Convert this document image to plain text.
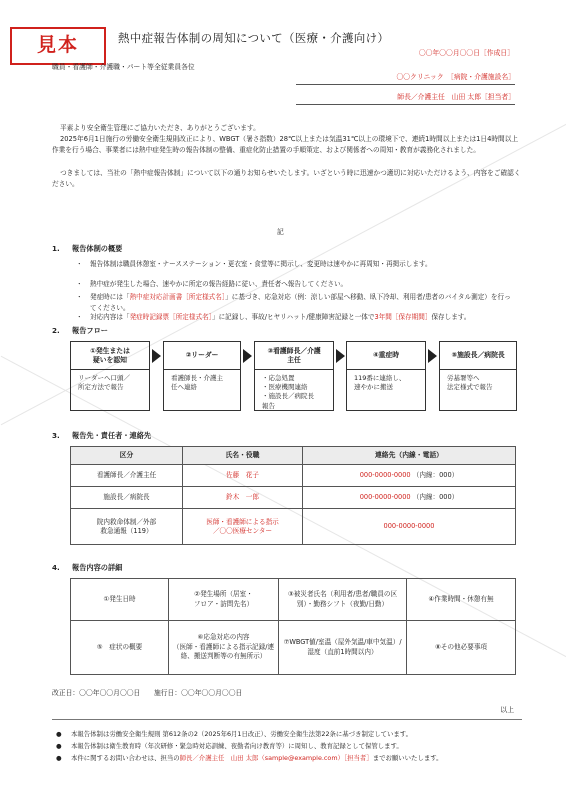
見本	熱中症報告体制の周知について（医療・介護向け）
〇〇年〇〇月〇〇日［作成日］
職員・看護師・介護職・パート等全従業員各位
〇〇クリニック　［病院・介護施設名］
師長／介護主任　山田 太郎［担当者］
平素より安全衛生管理にご協力いただき、ありがとうございます。
2025年6月1日施行の労働安全衛生規則改正により、WBGT（暑さ指数）28℃以上または気温31℃以上の環境下で、連続1時間以上または1日4時間以上作業を行う場合、事業者には熱中症発生時の報告体制の整備、重症化防止措置の手順策定、および関係者への周知・教育が義務化されました。
つきましては、当社の「熱中症報告体制」について以下の通りお知らせいたします。いざという時に迅速かつ適切に対応いただけるよう、内容をご確認ください。
記
1. 報告体制の概要
・	報告体制は職員休憩室・ナースステーション・更衣室・食堂等に掲示し、変更時は速やかに再周知・再掲示します。
・	熱中症が発生した場合、速やかに所定の報告経路に従い、責任者へ報告してください。
・	発症時には「熱中症対応計画書［所定様式名］」に基づき、応急対応（例：涼しい部屋へ移動、臥下冷却、利用者/患者のバイタル測定）を行ってください。
・	対応内容は「発症時記録票［所定様式名］」に記録し、事故/ヒヤリハット/健康障害記録と一体で3年間［保存期間］保存します。
2. 報告フロー
①発生または
疑いを認知
リーダーへ口頭／
所定方法で報告
②リーダー
看護師長・介護主
任へ連絡
③看護師長／介護
主任
・応急処置
・医療機関連絡
・施設長／病院長
報告
④重症時
119番に連絡し、
速やかに搬送
⑤施設長／病院長
労基署等へ
法定様式で報告
3. 報告先・責任者・連絡先
区分	氏名・役職	連絡先（内線・電話）
看護師長／介護主任	佐藤　花子	000-0000-0000 （内線：000）
施設長／病院長	鈴木　一郎	000-0000-0000 （内線：000）
院内救命体制／外部
救急通報（119）	医師・看護師による指示
／〇〇医療センター	000-0000-0000
4. 報告内容の詳細
①発生日時	②発生場所（居室・
フロア・訪問先名）	③被災者氏名（利用者/患者/職員の区別）・勤務シフト（夜勤/日勤）	④作業時間・休憩有無
⑤　症状の概要	⑥応急対応の内容
（医師・看護師による指示記録/連絡、搬送判断等の有無所示）	⑦WBGT値/室温（屋外気温/車中気温）/湿度（直前1時間以内）	⑧その他必要事項
改正日：〇〇年〇〇月〇〇日　　施行日：〇〇年〇〇月〇〇日
以上
●	本報告体制は労働安全衛生規則 第612条の2（2025年6月1日改正）、労働安全衛生法第22条に基づき制定しています。
●	本報告体制は衛生教育時（年次研修・緊急時対応訓練、夜勤者向け教育等）に周知し、教育記録として保管します。
●	本件に関するお問い合わせは、担当の師長／介護主任　山田 太郎（sample@example.com）［担当者］までお願いいたします。
